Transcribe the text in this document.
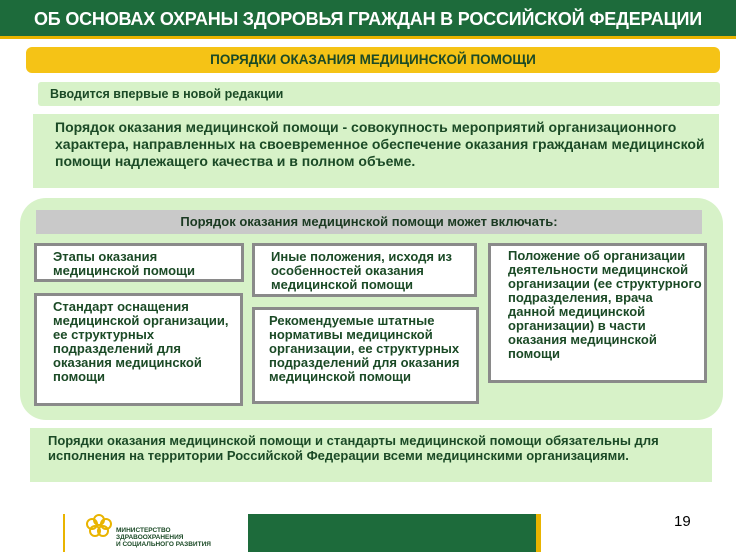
ОБ ОСНОВАХ ОХРАНЫ ЗДОРОВЬЯ ГРАЖДАН В РОССИЙСКОЙ ФЕДЕРАЦИИ
ПОРЯДКИ ОКАЗАНИЯ МЕДИЦИНСКОЙ ПОМОЩИ
Вводится впервые в новой редакции
Порядок оказания медицинской помощи - совокупность мероприятий организационного характера, направленных на своевременное обеспечение оказания гражданам медицинской помощи надлежащего качества и в полном объеме.
Порядок оказания медицинской помощи может включать:
Этапы оказания медицинской помощи
Иные положения, исходя из особенностей оказания медицинской помощи
Положение об организации деятельности медицинской организации (ее структурного подразделения, врача данной медицинской организации) в части оказания медицинской помощи
Стандарт оснащения медицинской организации, ее структурных подразделений для оказания медицинской помощи
Рекомендуемые штатные нормативы медицинской организации, ее структурных подразделений для оказания медицинской помощи
Порядки оказания медицинской помощи и стандарты медицинской помощи обязательны для исполнения на территории Российской Федерации всеми медицинскими организациями.
19
МИНИСТЕРСТВО
ЗДРАВООХРАНЕНИЯ
И СОЦИАЛЬНОГО РАЗВИТИЯ
